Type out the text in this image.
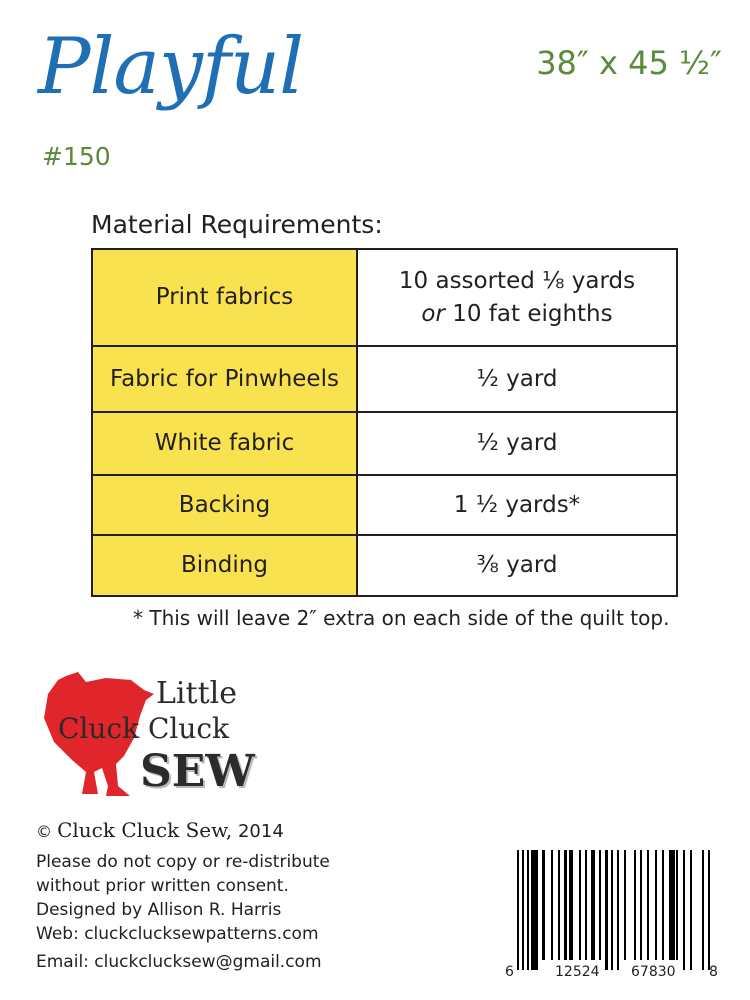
Playful
#150
38″ x 45 ½″
Material Requirements:
Print fabrics	10 assorted ⅛ yards
or 10 fat eighths
Fabric for Pinwheels	½ yard
White fabric	½ yard
Backing	1 ½ yards*
Binding	⅜ yard
* This will leave 2″ extra on each side of the quilt top.
Little
Cluck Cluck
SEW
© Cluck Cluck Sew, 2014
Please do not copy or re-distribute
without prior written consent.
Designed by Allison R. Harris
Web: cluckclucksewpatterns.com
Email: cluckclucksew@gmail.com	6	12524 67830 8
